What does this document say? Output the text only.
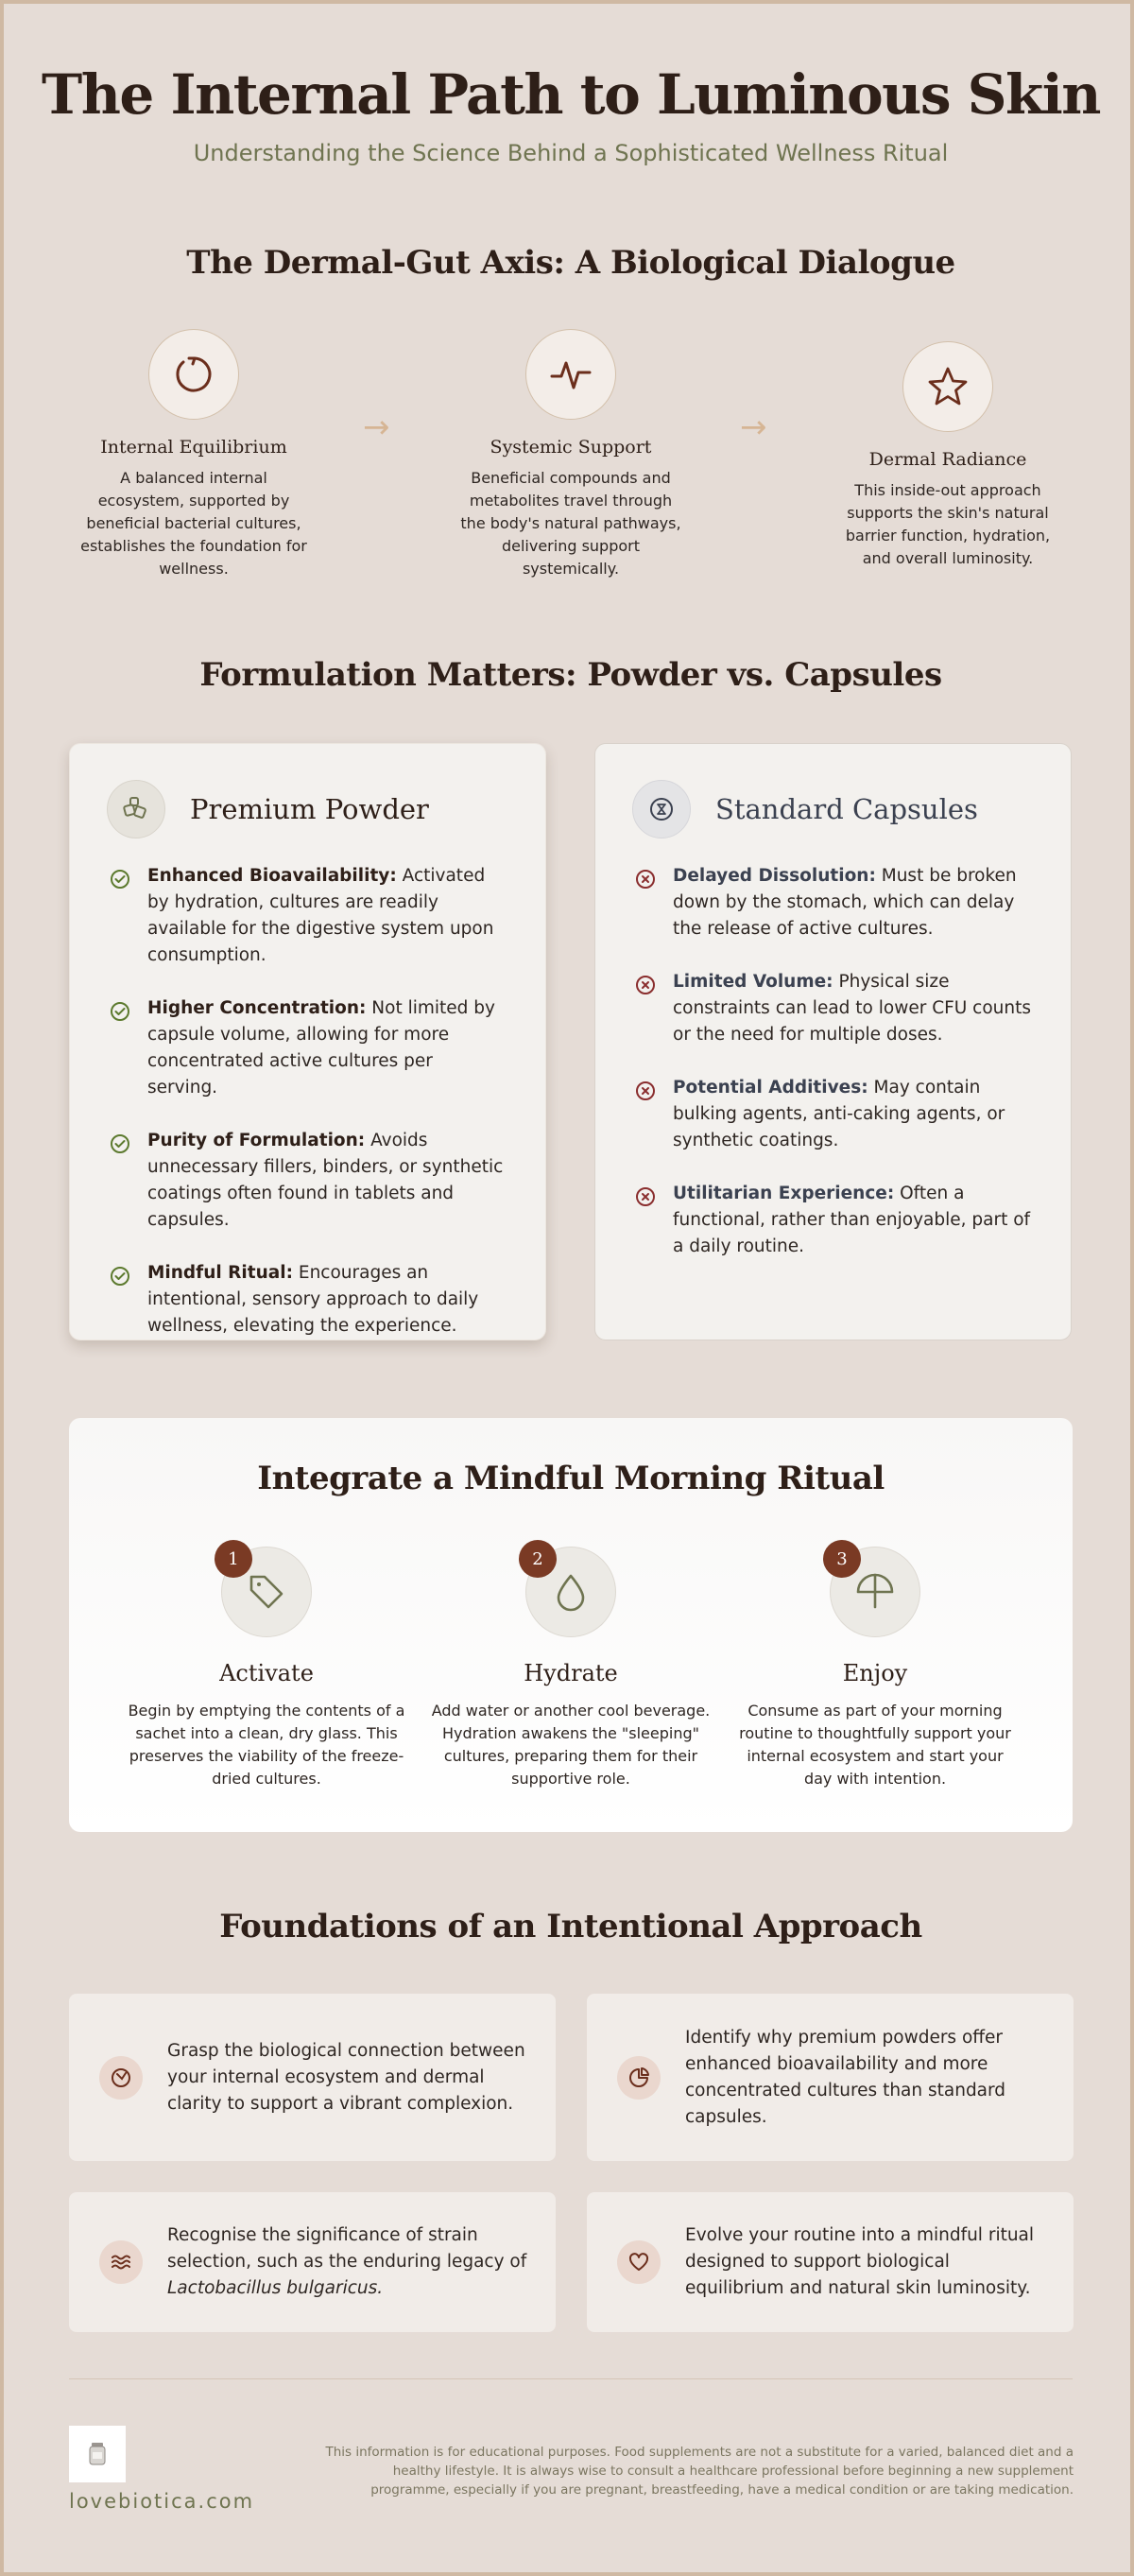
The Internal Path to Luminous Skin
Understanding the Science Behind a Sophisticated Wellness Ritual
The Dermal-Gut Axis: A Biological Dialogue
Internal Equilibrium
A balanced internal ecosystem, supported by beneficial bacterial cultures, establishes the foundation for wellness.
→
Systemic Support
Beneficial compounds and metabolites travel through the body's natural pathways, delivering support systemically.
→
Dermal Radiance
This inside-out approach supports the skin's natural barrier function, hydration, and overall luminosity.
Formulation Matters: Powder vs. Capsules
Premium Powder
Enhanced Bioavailability: Activated by hydration, cultures are readily available for the digestive system upon consumption.
Higher Concentration: Not limited by capsule volume, allowing for more concentrated active cultures per serving.
Purity of Formulation: Avoids unnecessary fillers, binders, or synthetic coatings often found in tablets and capsules.
Mindful Ritual: Encourages an intentional, sensory approach to daily wellness, elevating the experience.
Standard Capsules
Delayed Dissolution: Must be broken down by the stomach, which can delay the release of active cultures.
Limited Volume: Physical size constraints can lead to lower CFU counts or the need for multiple doses.
Potential Additives: May contain bulking agents, anti-caking agents, or synthetic coatings.
Utilitarian Experience: Often a functional, rather than enjoyable, part of a daily routine.
Integrate a Mindful Morning Ritual
1
Activate
Begin by emptying the contents of a sachet into a clean, dry glass. This preserves the viability of the freeze-dried cultures.
2
Hydrate
Add water or another cool beverage. Hydration awakens the "sleeping" cultures, preparing them for their supportive role.
3
Enjoy
Consume as part of your morning routine to thoughtfully support your internal ecosystem and start your day with intention.
Foundations of an Intentional Approach
Grasp the biological connection between your internal ecosystem and dermal clarity to support a vibrant complexion.
Identify why premium powders offer enhanced bioavailability and more concentrated cultures than standard capsules.
Recognise the significance of strain selection, such as the enduring legacy of Lactobacillus bulgaricus.
Evolve your routine into a mindful ritual designed to support biological equilibrium and natural skin luminosity.
lovebiotica.com
This information is for educational purposes. Food supplements are not a substitute for a varied, balanced diet and a healthy lifestyle. It is always wise to consult a healthcare professional before beginning a new supplement programme, especially if you are pregnant, breastfeeding, have a medical condition or are taking medication.
